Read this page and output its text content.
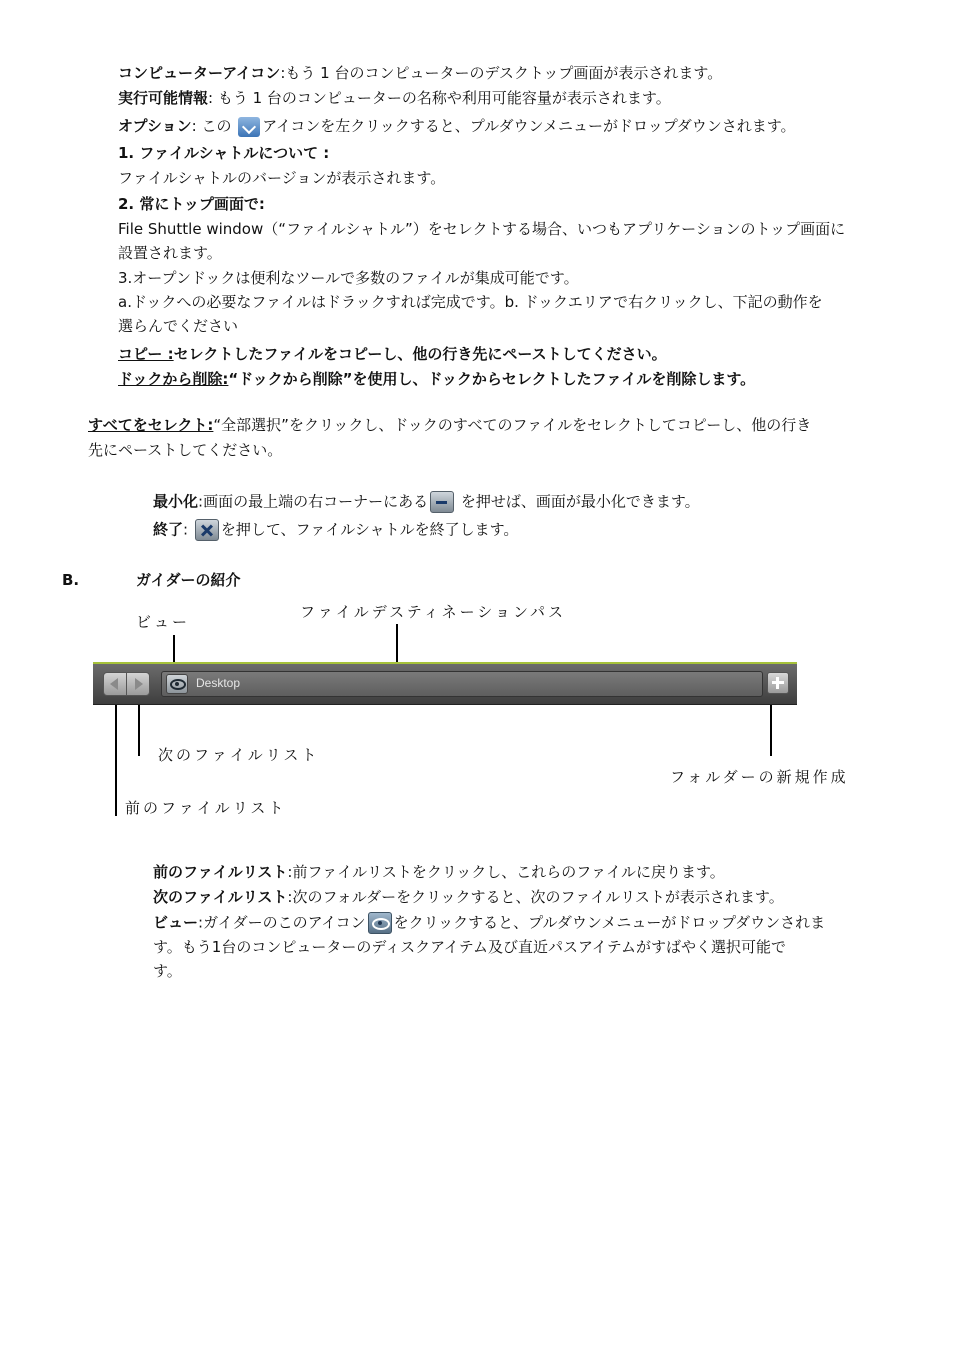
コンピューターアイコン:もう 1 台のコンピューターのデスクトップ画面が表示されます。
実行可能情報: もう 1 台のコンピューターの名称や利用可能容量が表示されます。
オプション: この アイコンを左クリックすると、プルダウンメニューがドロップダウンされます。
1. ファイルシャトルについて :
ファイルシャトルのバージョンが表示されます。
2. 常にトップ画面で:
File Shuttle window（“ファイルシャトル”）をセレクトする場合、いつもアプリケーションのトップ画面に
設置されます。
3.オープンドックは便利なツールで多数のファイルが集成可能です。
a.ドックへの必要なファイルはドラックすれば完成です。b. ドックエリアで右クリックし、下記の動作を
選らんでください
コピー :セレクトしたファイルをコピーし、他の行き先にペーストしてください。
ドックから削除:“ドックから削除”を使用し、ドックからセレクトしたファイルを削除します。
すべてをセレクト:“全部選択”をクリックし、ドックのすべてのファイルをセレクトしてコピーし、他の行き
先にペーストしてください。
最小化:画面の最上端の右コーナーにある を押せば、画面が最小化できます。
終了: を押して、ファイルシャトルを終了します。
B.	ガイダーの紹介
ビュー
ファイルデスティネーションパス
Desktop
次のファイルリスト
フォルダーの新規作成
前のファイルリスト
前のファイルリスト:前ファイルリストをクリックし、これらのファイルに戻ります。
次のファイルリスト:次のフォルダーをクリックすると、次のファイルリストが表示されます。
ビュー:ガイダーのこのアイコン をクリックすると、プルダウンメニューがドロップダウンされま
す。もう1台のコンピューターのディスクアイテム及び直近パスアイテムがすばやく選択可能で
す。
